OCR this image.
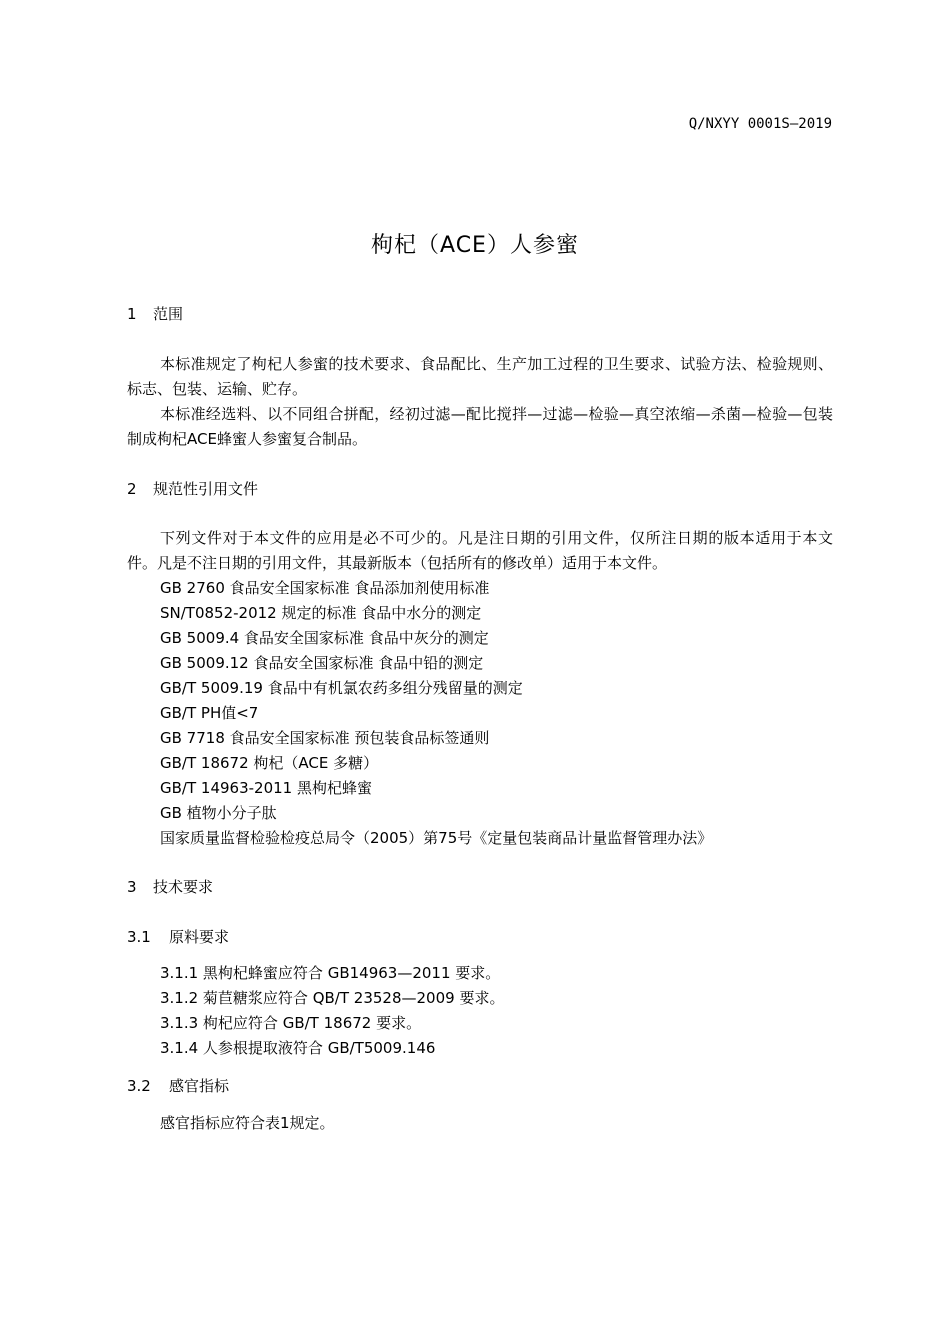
Q/NXYY 0001S—2019
枸杞（ACE）人参蜜
1 范围

本标准规定了枸杞人参蜜的技术要求、食品配比、生产加工过程的卫生要求、试验方法、检验规则、标志、包装、运输、贮存。

本标准经选料、以不同组合拼配，经初过滤—配比搅拌—过滤—检验—真空浓缩—杀菌—检验—包装制成枸杞ACE蜂蜜人参蜜复合制品。

2 规范性引用文件

下列文件对于本文件的应用是必不可少的。凡是注日期的引用文件，仅所注日期的版本适用于本文件。凡是不注日期的引用文件，其最新版本（包括所有的修改单）适用于本文件。

GB 2760 食品安全国家标准 食品添加剂使用标准
SN/T0852-2012 规定的标准 食品中水分的测定
GB 5009.4 食品安全国家标准 食品中灰分的测定
GB 5009.12 食品安全国家标准 食品中铅的测定
GB/T 5009.19 食品中有机氯农药多组分残留量的测定
GB/T PH值<7
GB 7718 食品安全国家标准 预包装食品标签通则
GB/T 18672 枸杞（ACE 多糖）
GB/T 14963-2011 黑枸杞蜂蜜
GB 植物小分子肽
国家质量监督检验检疫总局令（2005）第75号《定量包装商品计量监督管理办法》
3 技术要求
3.1 原料要求
3.1.1 黑枸杞蜂蜜应符合 GB14963—2011 要求。
3.1.2 菊苣糖浆应符合 QB/T 23528—2009 要求。
3.1.3 枸杞应符合 GB/T 18672 要求。
3.1.4 人参根提取液符合 GB/T5009.146
3.2 感官指标
感官指标应符合表1规定。
